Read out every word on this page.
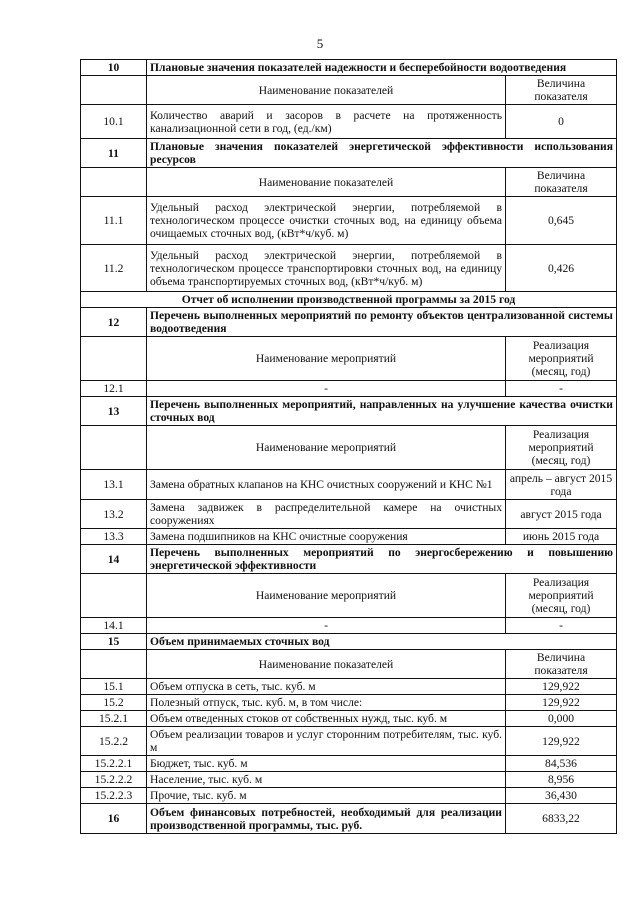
5
10	Плановые значения показателей надежности и бесперебойности водоотведения	
	Наименование показателей	Величина показателя
10.1	Количество аварий и засоров в расчете на протяженность канализационной сети в год, (ед./км)	0
11	Плановые значения показателей энергетической эффективности использования ресурсов	
	Наименование показателей	Величина показателя
11.1	Удельный расход электрической энергии, потребляемой в технологическом процессе очистки сточных вод, на единицу объема очищаемых сточных вод, (кВт*ч/куб. м)	0,645
11.2	Удельный расход электрической энергии, потребляемой в технологическом процессе транспортировки сточных вод, на единицу объема транспортируемых сточных вод, (кВт*ч/куб. м)	0,426
Отчет об исполнении производственной программы за 2015 год		
12	Перечень выполненных мероприятий по ремонту объектов централизованной системы водоотведения	
	Наименование мероприятий	Реализация мероприятий (месяц, год)
12.1	-	-
13	Перечень выполненных мероприятий, направленных на улучшение качества очистки сточных вод	
	Наименование мероприятий	Реализация мероприятий (месяц, год)
13.1	Замена обратных клапанов на КНС очистных сооружений и КНС №1	апрель – август 2015 года
13.2	Замена задвижек в распределительной камере на очистных сооружениях	август 2015 года
13.3	Замена подшипников на КНС очистные сооружения	июнь 2015 года
14	Перечень выполненных мероприятий по энергосбережению и повышению энергетической эффективности	
	Наименование мероприятий	Реализация мероприятий (месяц, год)
14.1	-	-
15	Объем принимаемых сточных вод	
	Наименование показателей	Величина показателя
15.1	Объем отпуска в сеть, тыс. куб. м	129,922
15.2	Полезный отпуск, тыс. куб. м, в том числе:	129,922
15.2.1	Объем отведенных стоков от собственных нужд, тыс. куб. м	0,000
15.2.2	Объем реализации товаров и услуг сторонним потребителям, тыс. куб. м	129,922
15.2.2.1	Бюджет, тыс. куб. м	84,536
15.2.2.2	Население, тыс. куб. м	8,956
15.2.2.3	Прочие, тыс. куб. м	36,430
16	Объем финансовых потребностей, необходимый для реализации производственной программы, тыс. руб.	6833,22
